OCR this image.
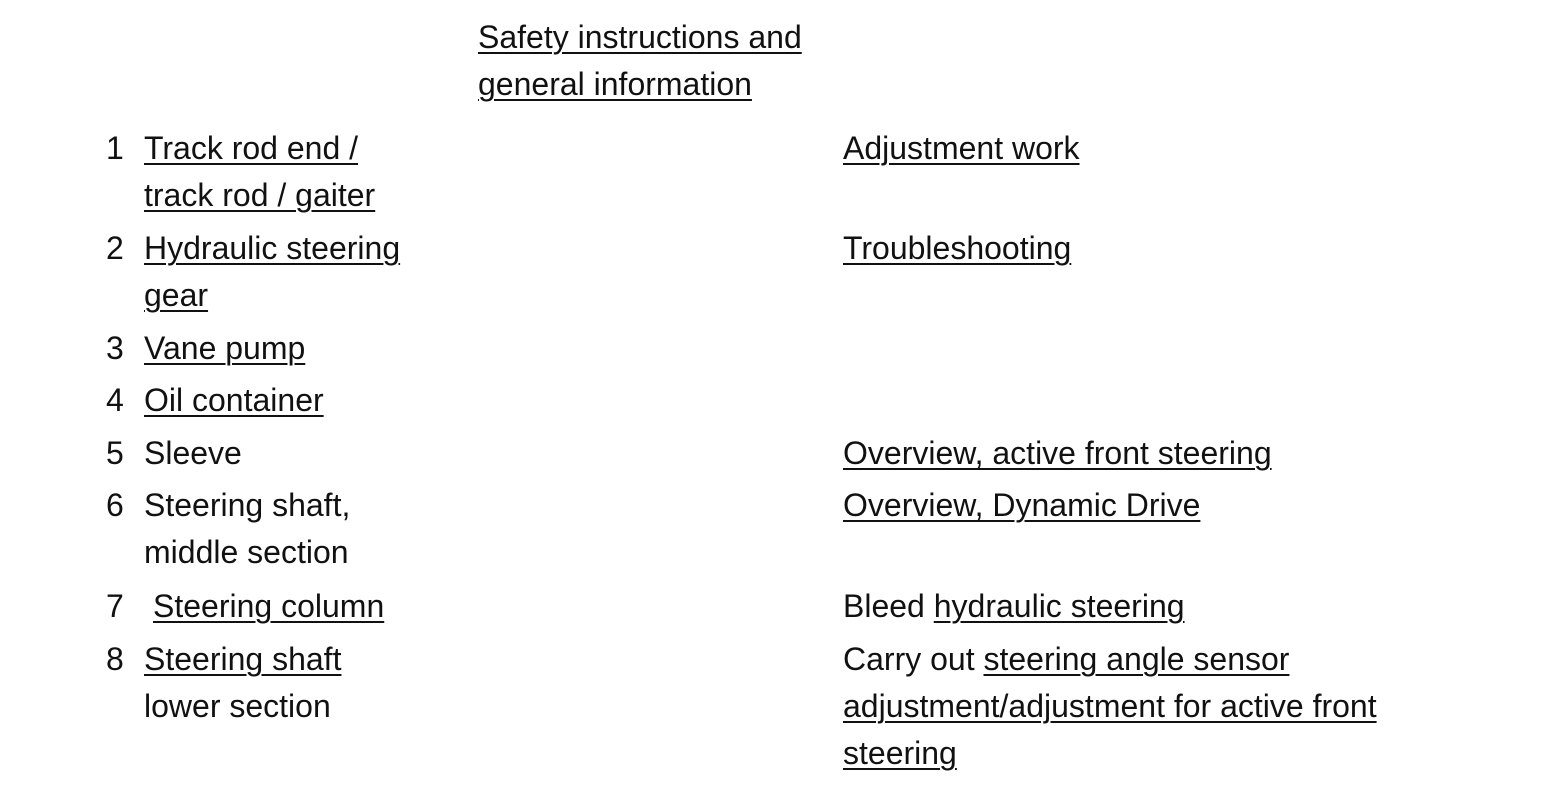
Safety instructions and
general information
1 Track rod end /
track rod / gaiter
2 Hydraulic steering
gear
3 Vane pump
4 Oil container
5 Sleeve
6 Steering shaft,
middle section
7 Steering column
8 Steering shaft
lower section
Adjustment work
Troubleshooting
Overview, active front steering
Overview, Dynamic Drive
Bleed hydraulic steering
Carry out steering angle sensor
adjustment/adjustment for active front
steering
